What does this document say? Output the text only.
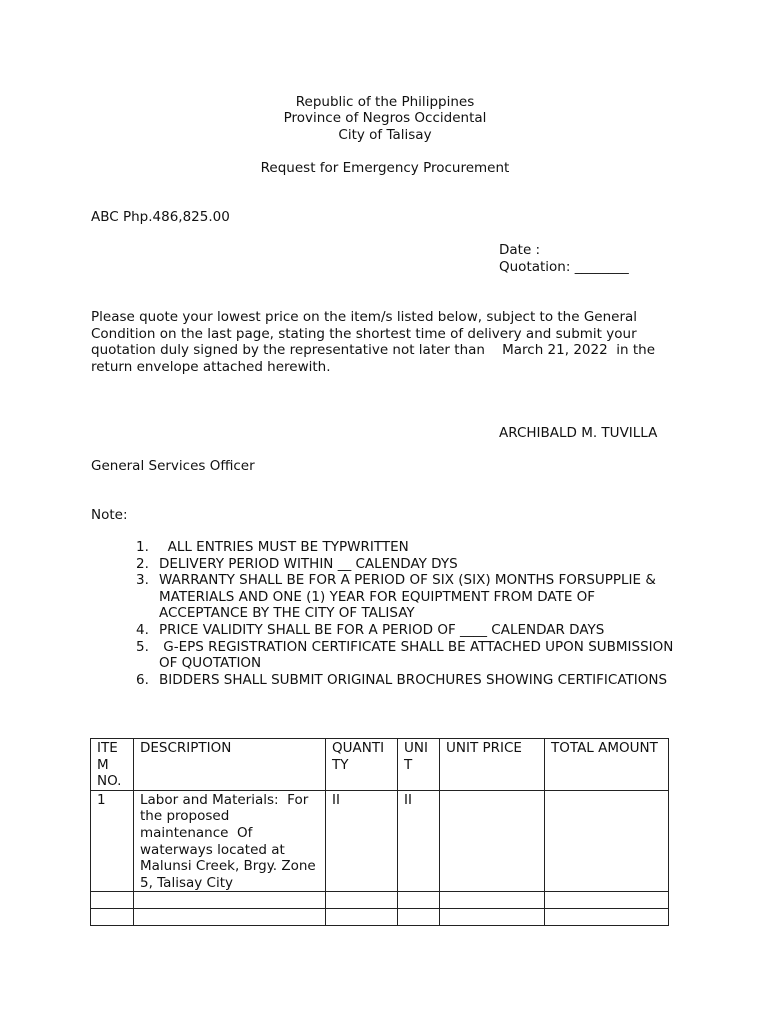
Republic of the Philippines
Province of Negros Occidental
City of Talisay
Request for Emergency Procurement
ABC Php.486,825.00
Date :
Quotation: ________
Please quote your lowest price on the item/s listed below, subject to the General Condition on the last page, stating the shortest time of delivery and submit your quotation duly signed by the representative not later than    March 21, 2022  in the return envelope attached herewith.
ARCHIBALD M. TUVILLA
General Services Officer
Note:
1. ALL ENTRIES MUST BE TYPWRITTEN
2. DELIVERY PERIOD WITHIN __ CALENDAY DYS
3. WARRANTY SHALL BE FOR A PERIOD OF SIX (SIX) MONTHS FORSUPPLIE & MATERIALS AND ONE (1) YEAR FOR EQUIPTMENT FROM DATE OF ACCEPTANCE BY THE CITY OF TALISAY
4. PRICE VALIDITY SHALL BE FOR A PERIOD OF ____ CALENDAR DAYS
5. G-EPS REGISTRATION CERTIFICATE SHALL BE ATTACHED UPON SUBMISSION OF QUOTATION
6. BIDDERS SHALL SUBMIT ORIGINAL BROCHURES SHOWING CERTIFICATIONS
ITE M NO.	DESCRIPTION	QUANTI TY	UNI T	UNIT PRICE	TOTAL AMOUNT
1	Labor and Materials:  For the proposed maintenance  Of waterways located at Malunsi Creek, Brgy. Zone 5, Talisay City	II	II		
